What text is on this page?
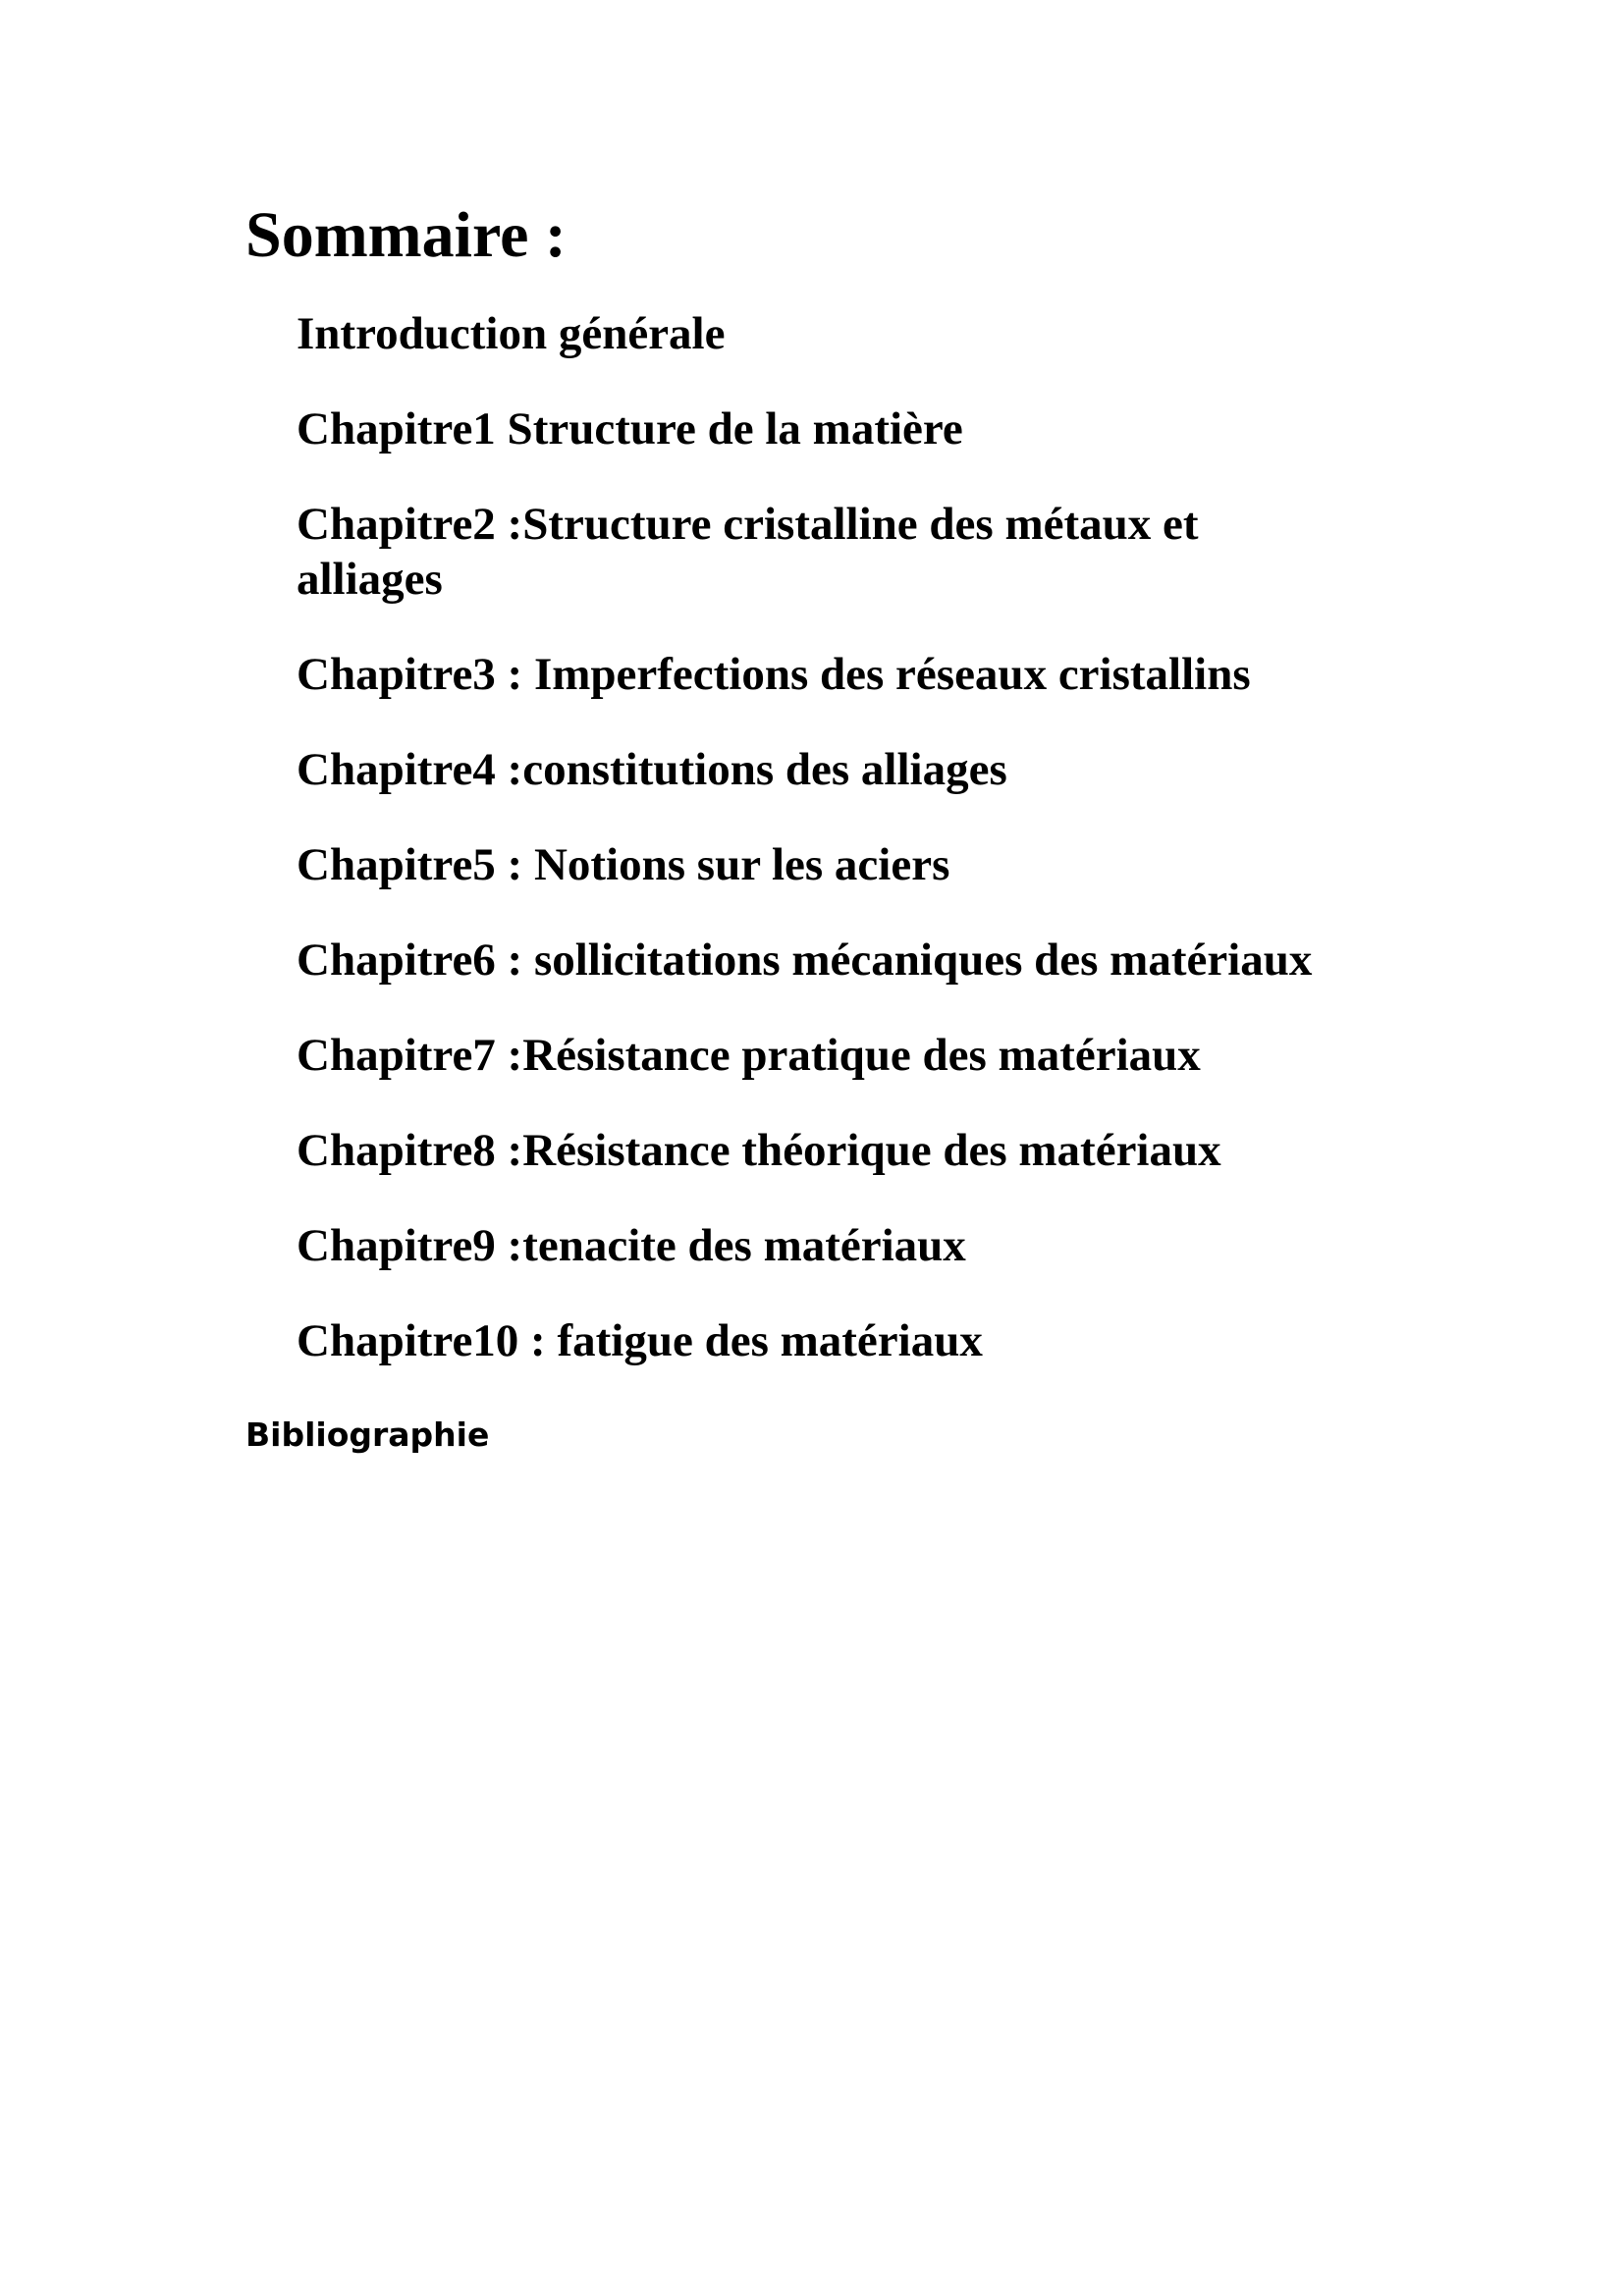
Sommaire :
Introduction générale
Chapitre1 Structure de la matière
Chapitre2 :Structure cristalline des métaux et alliages
Chapitre3 : Imperfections des réseaux cristallins
Chapitre4 :constitutions des alliages
Chapitre5 : Notions sur les aciers
Chapitre6 : sollicitations mécaniques des matériaux
Chapitre7 :Résistance pratique des matériaux
Chapitre8 :Résistance théorique des matériaux
Chapitre9 :tenacite des matériaux
Chapitre10 : fatigue des matériaux

Bibliographie
